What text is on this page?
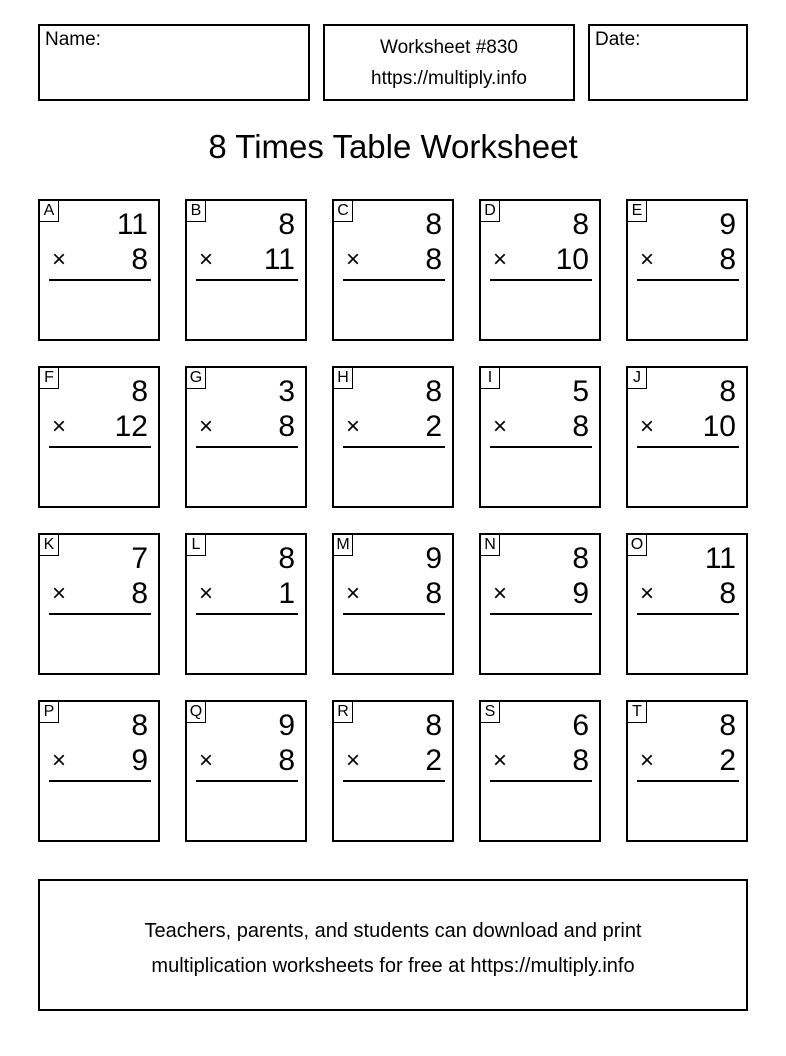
Name:	Worksheet #830
https://multiply.info
Date:
8 Times Table Worksheet
A 11
× 8
B	8
× 11
C	8
× 8
D	8
× 10
E	9
× 8
F	8
× 12
G	3
× 8
H	8
× 2
I	5
× 8
J	8
× 10
K	7
× 8
L	8
× 1
M	9
× 8
N	8
× 9
O 11
× 8
P	8
× 9
Q	9
× 8
R	8
× 2
S	6
× 8
T	8
× 2
Teachers, parents, and students can download and print
multiplication worksheets for free at https://multiply.info
